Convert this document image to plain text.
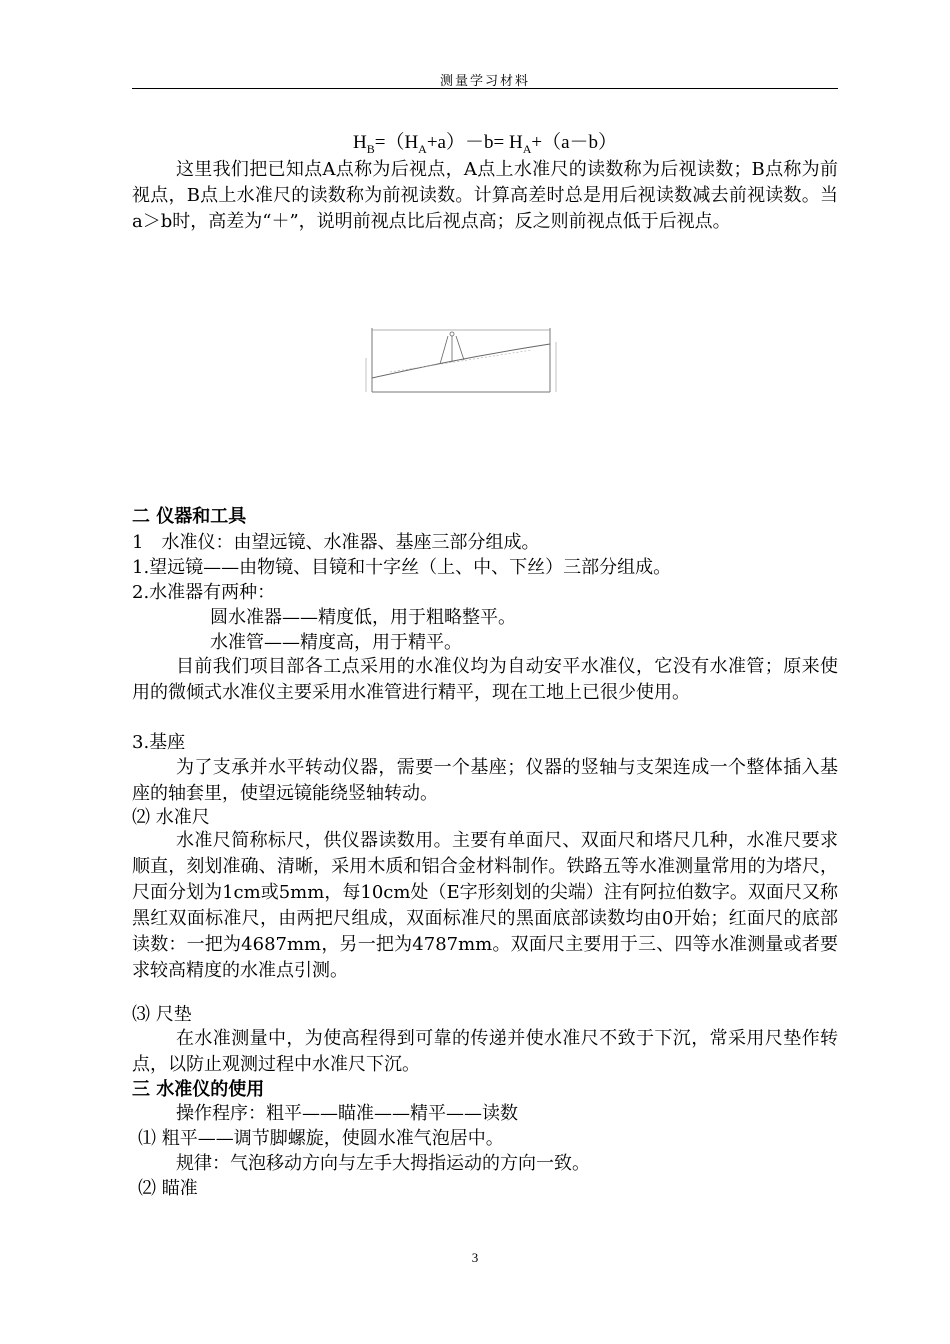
测量学习材料
$H_B=(H_A+a)-b= H_A+(a-b)$

这里我们把已知点A点称为后视点，A点上水准尺的读数称为后视读数；B点称为前视点，B点上水准尺的读数称为前视读数。计算高差时总是用后视读数减去前视读数。当a＞b时，高差为“＋”，说明前视点比后视点高；反之则前视点低于后视点。

二 仪器和工具
1　水准仪：由望远镜、水准器、基座三部分组成。
1.望远镜——由物镜、目镜和十字丝（上、中、下丝）三部分组成。
2.水准器有两种：
圆水准器——精度低，用于粗略整平。
水准管——精度高，用于精平。

目前我们项目部各工点采用的水准仪均为自动安平水准仪，它没有水准管；原来使用的微倾式水准仪主要采用水准管进行精平，现在工地上已很少使用。

3.基座

为了支承并水平转动仪器，需要一个基座；仪器的竖轴与支架连成一个整体插入基座的轴套里，使望远镜能绕竖轴转动。

⑵ 水准尺

水准尺简称标尺，供仪器读数用。主要有单面尺、双面尺和塔尺几种，水准尺要求顺直，刻划准确、清晰，采用木质和铝合金材料制作。铁路五等水准测量常用的为塔尺，尺面分划为1cm或5mm，每10cm处（E字形刻划的尖端）注有阿拉伯数字。双面尺又称黑红双面标准尺，由两把尺组成，双面标准尺的黑面底部读数均由0开始；红面尺的底部读数：一把为4687mm，另一把为4787mm。双面尺主要用于三、四等水准测量或者要求较高精度的水准点引测。

⑶ 尺垫

在水准测量中，为使高程得到可靠的传递并使水准尺不致于下沉，常采用尺垫作转点，以防止观测过程中水准尺下沉。

三 水准仪的使用
操作程序：粗平——瞄准——精平——读数
⑴ 粗平——调节脚螺旋，使圆水准气泡居中。
规律：气泡移动方向与左手大拇指运动的方向一致。
⑵ 瞄准
3
